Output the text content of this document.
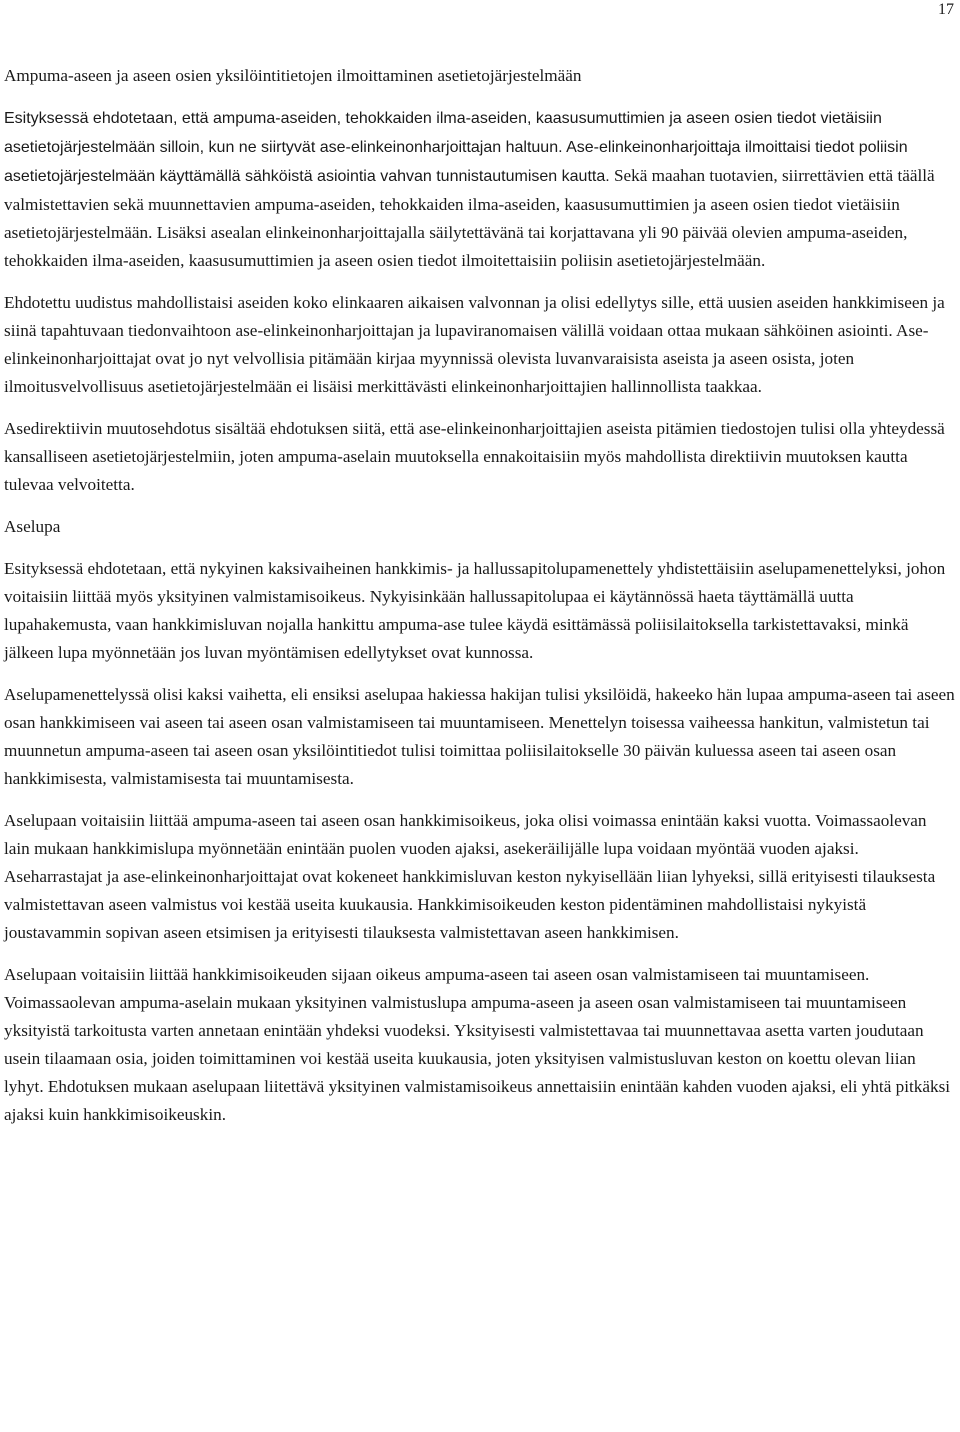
17

Ampuma-aseen ja aseen osien yksilöintitietojen ilmoittaminen asetietojärjestelmään

Esityksessä ehdotetaan, että ampuma-aseiden, tehokkaiden ilma-aseiden, kaasusumuttimien ja aseen osien tiedot vietäisiin asetietojärjestelmään silloin, kun ne siirtyvät ase-elinkeinonharjoittajan haltuun. Ase-elinkeinonharjoittaja ilmoittaisi tiedot poliisin asetietojärjestelmään käyttämällä sähköistä asiointia vahvan tunnistautumisen kautta. Sekä maahan tuotavien, siirrettävien että täällä valmistettavien sekä muunnettavien ampuma-aseiden, tehokkaiden ilma-aseiden, kaasusumuttimien ja aseen osien tiedot vietäisiin asetietojärjestelmään. Lisäksi asealan elinkeinonharjoittajalla säilytettävänä tai korjattavana yli 90 päivää olevien ampuma-aseiden, tehokkaiden ilma-aseiden, kaasusumuttimien ja aseen osien tiedot ilmoitettaisiin poliisin asetietojärjestelmään.

Ehdotettu uudistus mahdollistaisi aseiden koko elinkaaren aikaisen valvonnan ja olisi edellytys sille, että uusien aseiden hankkimiseen ja siinä tapahtuvaan tiedonvaihtoon ase-elinkeinonharjoittajan ja lupaviranomaisen välillä voidaan ottaa mukaan sähköinen asiointi. Ase-elinkeinonharjoittajat ovat jo nyt velvollisia pitämään kirjaa myynnissä olevista luvanvaraisista aseista ja aseen osista, joten ilmoitusvelvollisuus asetietojärjestelmään ei lisäisi merkittävästi elinkeinonharjoittajien hallinnollista taakkaa.

Asedirektiivin muutosehdotus sisältää ehdotuksen siitä, että ase-elinkeinonharjoittajien aseista pitämien tiedostojen tulisi olla yhteydessä kansalliseen asetietojärjestelmiin, joten ampuma-aselain muutoksella ennakoitaisiin myös mahdollista direktiivin muutoksen kautta tulevaa velvoitetta.

Aselupa

Esityksessä ehdotetaan, että nykyinen kaksivaiheinen hankkimis- ja hallussapitolupamenettely yhdistettäisiin aselupamenettelyksi, johon voitaisiin liittää myös yksityinen valmistamisoikeus. Nykyisinkään hallussapitolupaa ei käytännössä haeta täyttämällä uutta lupahakemusta, vaan hankkimisluvan nojalla hankittu ampuma-ase tulee käydä esittämässä poliisilaitoksella tarkistettavaksi, minkä jälkeen lupa myönnetään jos luvan myöntämisen edellytykset ovat kunnossa.

Aselupamenettelyssä olisi kaksi vaihetta, eli ensiksi aselupaa hakiessa hakijan tulisi yksilöidä, hakeeko hän lupaa ampuma-aseen tai aseen osan hankkimiseen vai aseen tai aseen osan valmistamiseen tai muuntamiseen. Menettelyn toisessa vaiheessa hankitun, valmistetun tai muunnetun ampuma-aseen tai aseen osan yksilöintitiedot tulisi toimittaa poliisilaitokselle 30 päivän kuluessa aseen tai aseen osan hankkimisesta, valmistamisesta tai muuntamisesta.

Aselupaan voitaisiin liittää ampuma-aseen tai aseen osan hankkimisoikeus, joka olisi voimassa enintään kaksi vuotta. Voimassaolevan lain mukaan hankkimislupa myönnetään enintään puolen vuoden ajaksi, asekeräilijälle lupa voidaan myöntää vuoden ajaksi. Aseharrastajat ja ase-elinkeinonharjoittajat ovat kokeneet hankkimisluvan keston nykyisellään liian lyhyeksi, sillä erityisesti tilauksesta valmistettavan aseen valmistus voi kestää useita kuukausia. Hankkimisoikeuden keston pidentäminen mahdollistaisi nykyistä joustavammin sopivan aseen etsimisen ja erityisesti tilauksesta valmistettavan aseen hankkimisen.

Aselupaan voitaisiin liittää hankkimisoikeuden sijaan oikeus ampuma-aseen tai aseen osan valmistamiseen tai muuntamiseen. Voimassaolevan ampuma-aselain mukaan yksityinen valmistuslupa ampuma-aseen ja aseen osan valmistamiseen tai muuntamiseen yksityistä tarkoitusta varten annetaan enintään yhdeksi vuodeksi. Yksityisesti valmistettavaa tai muunnettavaa asetta varten joudutaan usein tilaamaan osia, joiden toimittaminen voi kestää useita kuukausia, joten yksityisen valmistusluvan keston on koettu olevan liian lyhyt. Ehdotuksen mukaan aselupaan liitettävä yksityinen valmistamisoikeus annettaisiin enintään kahden vuoden ajaksi, eli yhtä pitkäksi ajaksi kuin hankkimisoikeuskin.
